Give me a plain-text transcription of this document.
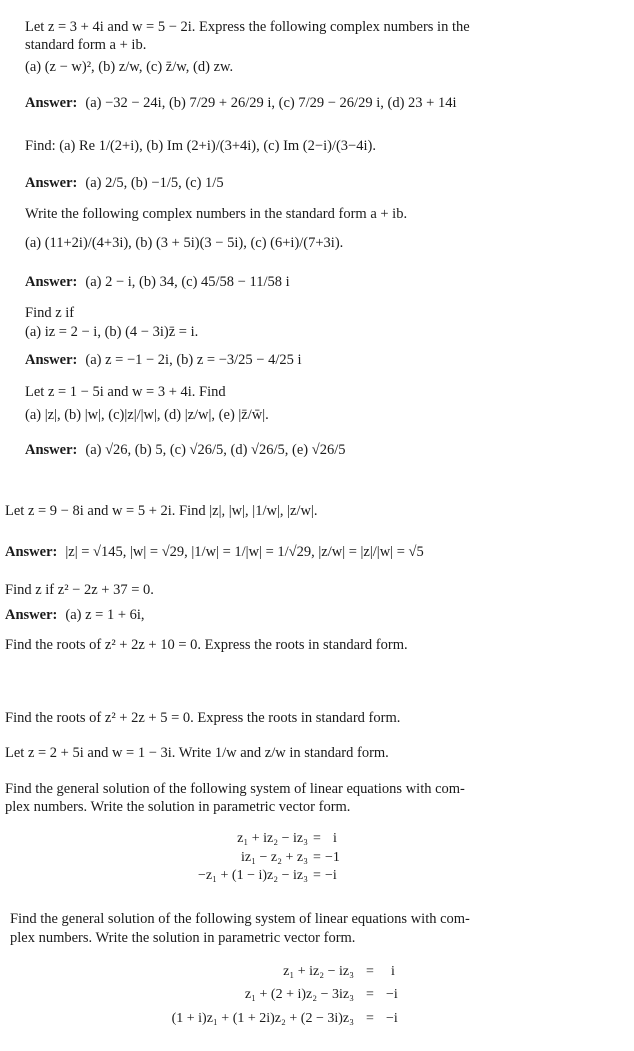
Let z = 3 + 4i and w = 5 − 2i. Express the following complex numbers in the
standard form a + ib.
(a) (z − w)², (b) z/w, (c) z̄/w, (d) zw.
Answer: (a) −32 − 24i, (b) 7/29 + 26/29 i, (c) 7/29 − 26/29 i, (d) 23 + 14i
Find: (a) Re 1/(2+i), (b) Im (2+i)/(3+4i), (c) Im (2−i)/(3−4i).
Answer: (a) 2/5, (b) −1/5, (c) 1/5
Write the following complex numbers in the standard form a + ib.
(a) (11+2i)/(4+3i), (b) (3 + 5i)(3 − 5i), (c) (6+i)/(7+3i).
Answer: (a) 2 − i, (b) 34, (c) 45/58 − 11/58 i
Find z if
(a) iz = 2 − i, (b) (4 − 3i)z̄ = i.
Answer: (a) z = −1 − 2i, (b) z = −3/25 − 4/25 i
Let z = 1 − 5i and w = 3 + 4i. Find
(a) |z|, (b) |w|, (c)|z|/|w|, (d) |z/w|, (e) |z̄/w̄|.
Answer: (a) √26, (b) 5, (c) √26/5, (d) √26/5, (e) √26/5
Let z = 9 − 8i and w = 5 + 2i. Find |z|, |w|, |1/w|, |z/w|.
Answer: |z| = √145, |w| = √29, |1/w| = 1/|w| = 1/√29, |z/w| = |z|/|w| = √5
Find z if z² − 2z + 37 = 0.
Answer: (a) z = 1 + 6i,
Find the roots of z² + 2z + 10 = 0. Express the roots in standard form.
Find the roots of z² + 2z + 5 = 0. Express the roots in standard form.
Let z = 2 + 5i and w = 1 − 3i. Write 1/w and z/w in standard form.
Find the general solution of the following system of linear equations with com-
plex numbers. Write the solution in parametric vector form.
z₁ + iz₂ − iz₃ = i
iz₁ − z₂ + z₃ = −1
−z₁ + (1 − i)z₂ − iz₃ = −i
Find the general solution of the following system of linear equations with com-
plex numbers. Write the solution in parametric vector form.
z₁ + iz₂ − iz₃ = i
z₁ + (2 + i)z₂ − 3iz₃ = −i
(1 + i)z₁ + (1 + 2i)z₂ + (2 − 3i)z₃ = −i
